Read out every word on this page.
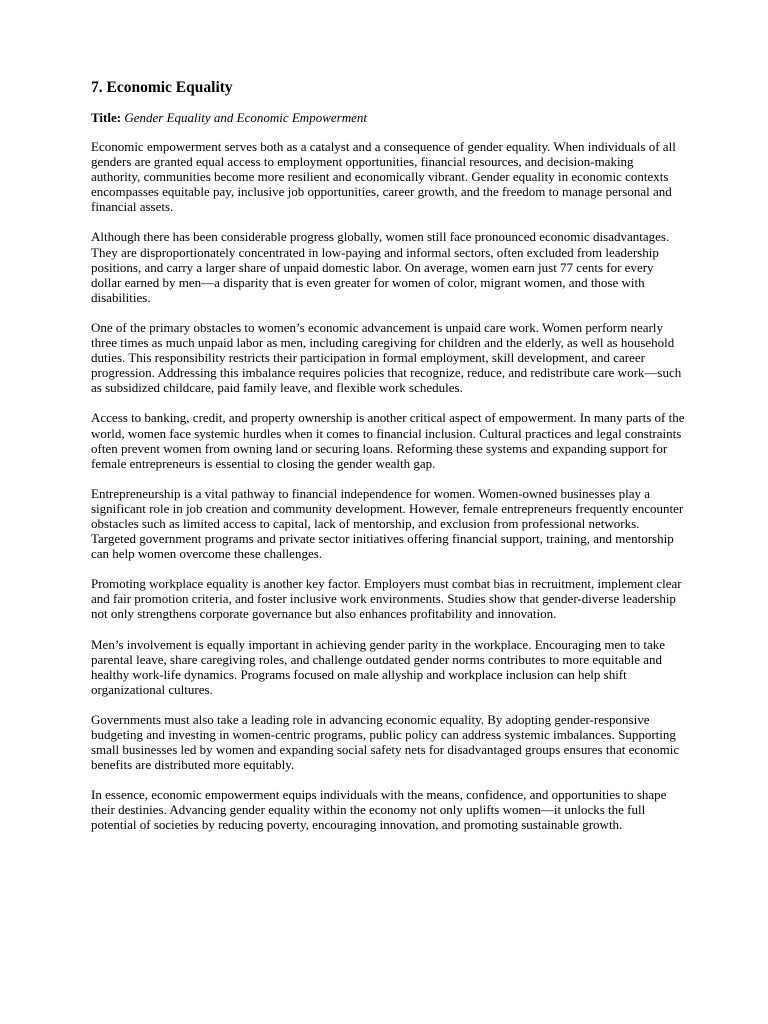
7. Economic Equality
Title: Gender Equality and Economic Empowerment

Economic empowerment serves both as a catalyst and a consequence of gender equality. When individuals of all genders are granted equal access to employment opportunities, financial resources, and decision-making authority, communities become more resilient and economically vibrant. Gender equality in economic contexts encompasses equitable pay, inclusive job opportunities, career growth, and the freedom to manage personal and financial assets.

Although there has been considerable progress globally, women still face pronounced economic disadvantages. They are disproportionately concentrated in low-paying and informal sectors, often excluded from leadership positions, and carry a larger share of unpaid domestic labor. On average, women earn just 77 cents for every dollar earned by men—a disparity that is even greater for women of color, migrant women, and those with disabilities.

One of the primary obstacles to women’s economic advancement is unpaid care work. Women perform nearly three times as much unpaid labor as men, including caregiving for children and the elderly, as well as household duties. This responsibility restricts their participation in formal employment, skill development, and career progression. Addressing this imbalance requires policies that recognize, reduce, and redistribute care work—such as subsidized childcare, paid family leave, and flexible work schedules.

Access to banking, credit, and property ownership is another critical aspect of empowerment. In many parts of the world, women face systemic hurdles when it comes to financial inclusion. Cultural practices and legal constraints often prevent women from owning land or securing loans. Reforming these systems and expanding support for female entrepreneurs is essential to closing the gender wealth gap.

Entrepreneurship is a vital pathway to financial independence for women. Women-owned businesses play a significant role in job creation and community development. However, female entrepreneurs frequently encounter obstacles such as limited access to capital, lack of mentorship, and exclusion from professional networks. Targeted government programs and private sector initiatives offering financial support, training, and mentorship can help women overcome these challenges.

Promoting workplace equality is another key factor. Employers must combat bias in recruitment, implement clear and fair promotion criteria, and foster inclusive work environments. Studies show that gender-diverse leadership not only strengthens corporate governance but also enhances profitability and innovation.

Men’s involvement is equally important in achieving gender parity in the workplace. Encouraging men to take parental leave, share caregiving roles, and challenge outdated gender norms contributes to more equitable and healthy work-life dynamics. Programs focused on male allyship and workplace inclusion can help shift organizational cultures.

Governments must also take a leading role in advancing economic equality. By adopting gender-responsive budgeting and investing in women-centric programs, public policy can address systemic imbalances. Supporting small businesses led by women and expanding social safety nets for disadvantaged groups ensures that economic benefits are distributed more equitably.

In essence, economic empowerment equips individuals with the means, confidence, and opportunities to shape their destinies. Advancing gender equality within the economy not only uplifts women—it unlocks the full potential of societies by reducing poverty, encouraging innovation, and promoting sustainable growth.
